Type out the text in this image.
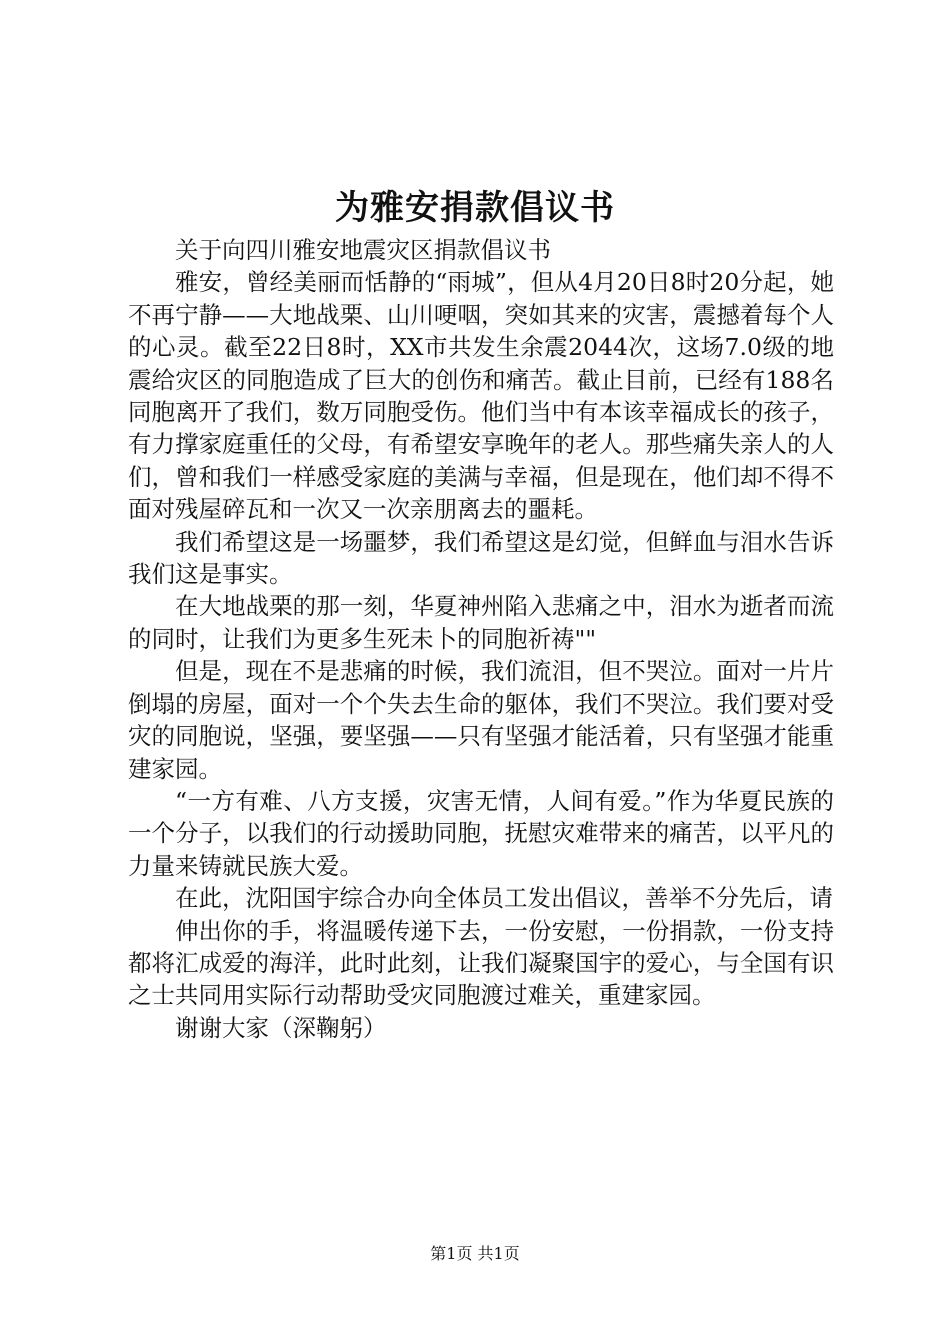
为雅安捐款倡议书

关于向四川雅安地震灾区捐款倡议书

雅安，曾经美丽而恬静的“雨城”，但从4月20日8时20分起，她不再宁静——大地战栗、山川哽咽，突如其来的灾害，震撼着每个人的心灵。截至22日8时，XX市共发生余震2044次，这场7.0级的地震给灾区的同胞造成了巨大的创伤和痛苦。截止目前，已经有188名同胞离开了我们，数万同胞受伤。他们当中有本该幸福成长的孩子，有力撑家庭重任的父母，有希望安享晚年的老人。那些痛失亲人的人们，曾和我们一样感受家庭的美满与幸福，但是现在，他们却不得不面对残屋碎瓦和一次又一次亲朋离去的噩耗。

我们希望这是一场噩梦，我们希望这是幻觉，但鲜血与泪水告诉我们这是事实。

在大地战栗的那一刻，华夏神州陷入悲痛之中，泪水为逝者而流的同时，让我们为更多生死未卜的同胞祈祷""

但是，现在不是悲痛的时候，我们流泪，但不哭泣。面对一片片倒塌的房屋，面对一个个失去生命的躯体，我们不哭泣。我们要对受灾的同胞说，坚强，要坚强——只有坚强才能活着，只有坚强才能重建家园。

“一方有难、八方支援，灾害无情，人间有爱。”作为华夏民族的一个分子，以我们的行动援助同胞，抚慰灾难带来的痛苦，以平凡的力量来铸就民族大爱。

在此，沈阳国宇综合办向全体员工发出倡议，善举不分先后，请

伸出你的手，将温暖传递下去，一份安慰，一份捐款，一份支持都将汇成爱的海洋，此时此刻，让我们凝聚国宇的爱心，与全国有识之士共同用实际行动帮助受灾同胞渡过难关，重建家园。

谢谢大家（深鞠躬）

第1页 共1页
